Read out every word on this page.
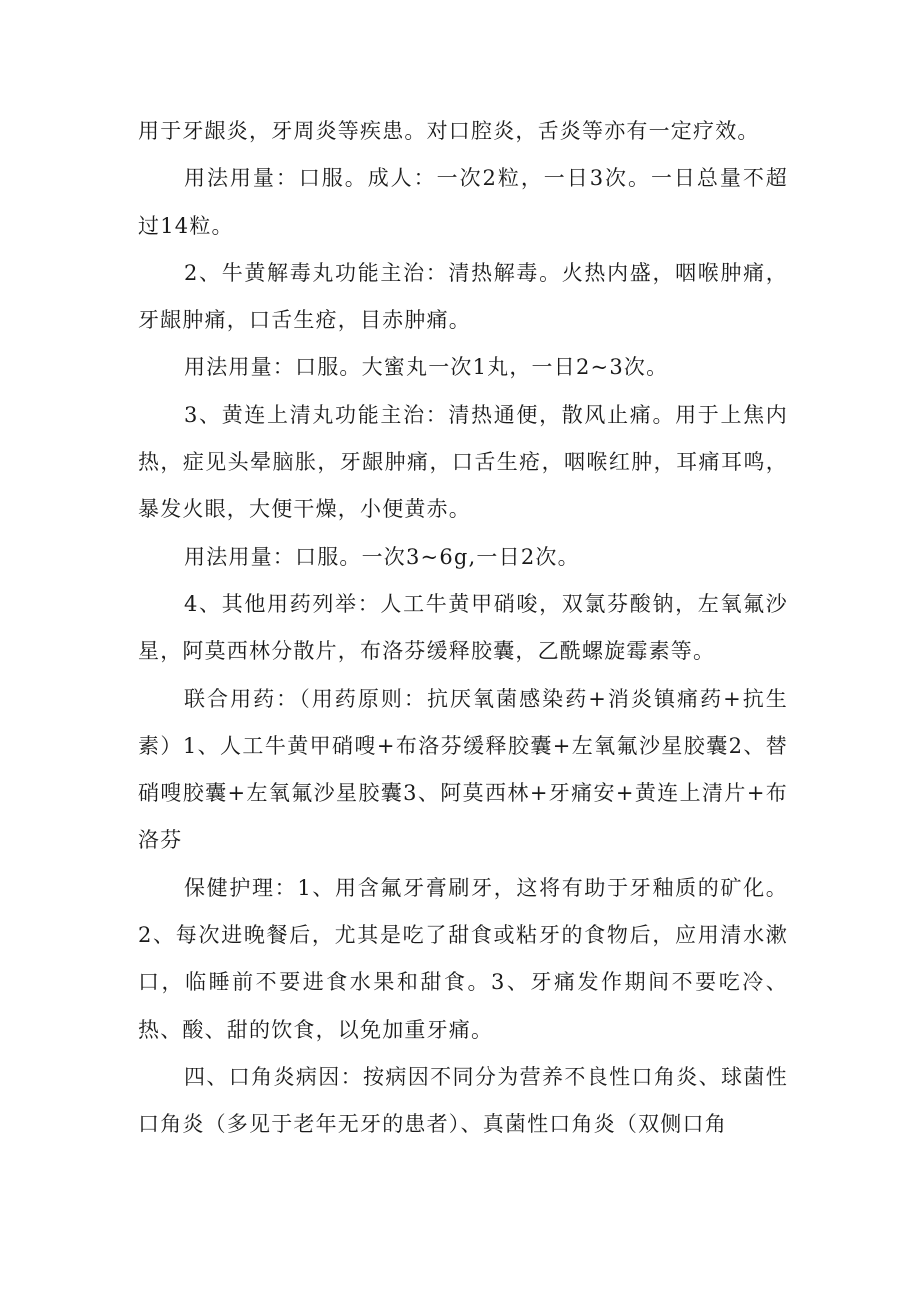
用于牙龈炎，牙周炎等疾患。对口腔炎，舌炎等亦有一定疗效。

用法用量：口服。成人：一次2粒，一日3次。一日总量不超过14粒。

2、牛黄解毒丸功能主治：清热解毒。火热内盛，咽喉肿痛，牙龈肿痛，口舌生疮，目赤肿痛。

用法用量：口服。大蜜丸一次1丸，一日2~3次。

3、黄连上清丸功能主治：清热通便，散风止痛。用于上焦内热，症见头晕脑胀，牙龈肿痛，口舌生疮，咽喉红肿，耳痛耳鸣，暴发火眼，大便干燥，小便黄赤。

用法用量：口服。一次3~6g,一日2次。

4、其他用药列举：人工牛黄甲硝唆，双氯芬酸钠，左氧氟沙星，阿莫西林分散片，布洛芬缓释胶囊，乙酰螺旋霉素等。

联合用药：（用药原则：抗厌氧菌感染药+消炎镇痛药+抗生素）1、人工牛黄甲硝嗖+布洛芬缓释胶囊+左氧氟沙星胶囊2、替硝嗖胶囊+左氧氟沙星胶囊3、阿莫西林+牙痛安+黄连上清片+布洛芬

保健护理：1、用含氟牙膏刷牙，这将有助于牙釉质的矿化。2、每次进晚餐后，尤其是吃了甜食或粘牙的食物后，应用清水漱口，临睡前不要进食水果和甜食。3、牙痛发作期间不要吃冷、热、酸、甜的饮食，以免加重牙痛。

四、口角炎病因：按病因不同分为营养不良性口角炎、球菌性口角炎（多见于老年无牙的患者）、真菌性口角炎（双侧口角
